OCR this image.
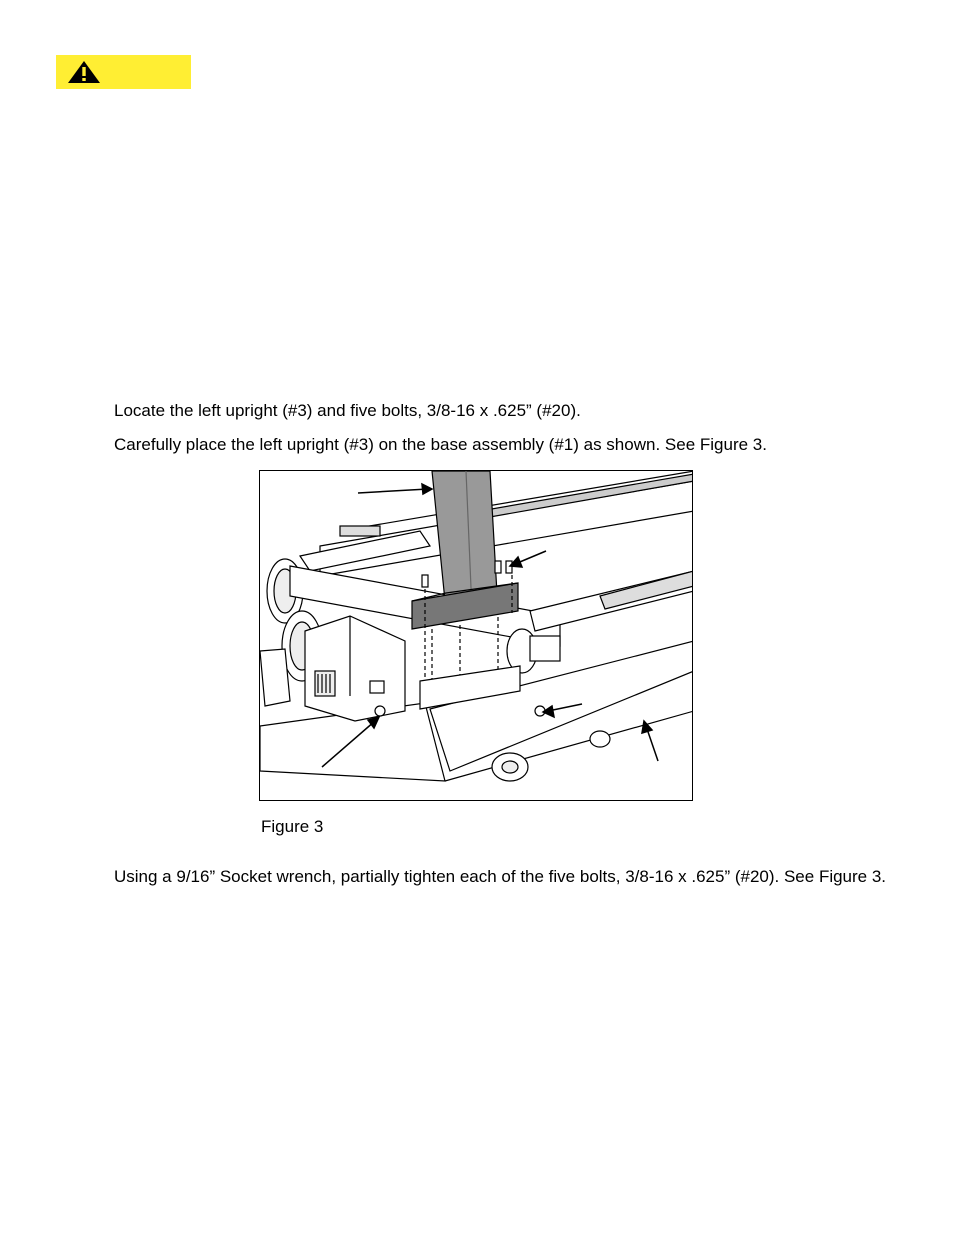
Locate the left upright (#3) and five bolts, 3/8-16 x .625” (#20).

Carefully place the left upright (#3) on the base assembly (#1) as shown. See Figure 3.

Figure 3

Using a 9/16” Socket wrench, partially tighten each of the five bolts, 3/8-16 x .625” (#20). See Figure 3.
